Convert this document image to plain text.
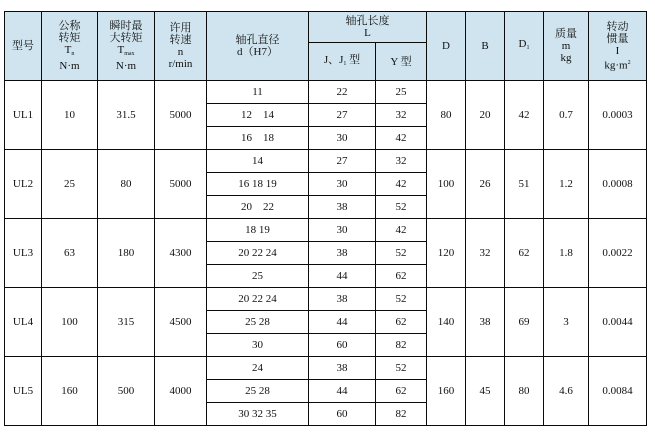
型号	公称
转矩
$T_n$
N·m	瞬时最
大转矩
$T_{max}$
N·m	许用
转速
n
r/min	轴孔直径
d（H7）	轴孔长度
L		D	B	$D_1$	质量
m
kg	转动
惯量
I
$kg\cdot m^2$

					J、$J_1$ 型	Y 型					
UL1	10	31.5	5000	11	22	25	80	20	42	0.7	0.0003
				12　14	27	32					
				16　18	30	42					
UL2	25	80	5000	14	27	32	100	26	51	1.2	0.0008
				16 18 19	30	42					
				20　22	38	52					
UL3	63	180	4300	18 19	30	42	120	32	62	1.8	0.0022
				20 22 24	38	52					
				25	44	62					
UL4	100	315	4500	20 22 24	38	52	140	38	69	3	0.0044
				25 28	44	62					
				30	60	82					
UL5	160	500	4000	24	38	52	160	45	80	4.6	0.0084
				25 28	44	62					
				30 32 35	60	82					
